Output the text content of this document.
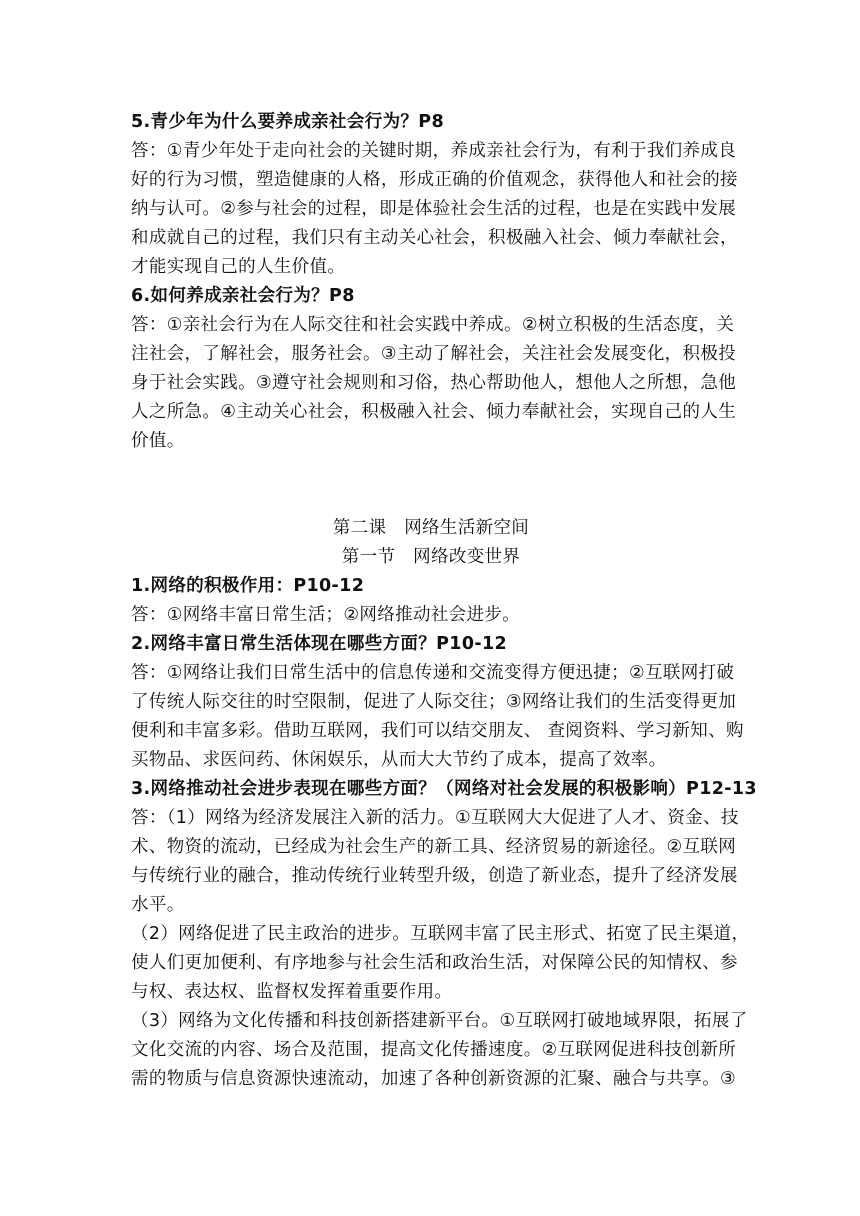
5.青少年为什么要养成亲社会行为？P8
答：①青少年处于走向社会的关键时期，养成亲社会行为，有利于我们养成良
好的行为习惯，塑造健康的人格，形成正确的价值观念，获得他人和社会的接
纳与认可。②参与社会的过程，即是体验社会生活的过程，也是在实践中发展
和成就自己的过程，我们只有主动关心社会，积极融入社会、倾力奉献社会，
才能实现自己的人生价值。
6.如何养成亲社会行为？P8
答：①亲社会行为在人际交往和社会实践中养成。②树立积极的生活态度，关
注社会，了解社会，服务社会。③主动了解社会，关注社会发展变化，积极投
身于社会实践。③遵守社会规则和习俗，热心帮助他人，想他人之所想，急他
人之所急。④主动关心社会，积极融入社会、倾力奉献社会，实现自己的人生
价值。
第二课　网络生活新空间
第一节　网络改变世界
1.网络的积极作用：P10-12
答：①网络丰富日常生活；②网络推动社会进步。
2.网络丰富日常生活体现在哪些方面？P10-12
答：①网络让我们日常生活中的信息传递和交流变得方便迅捷；②互联网打破
了传统人际交往的时空限制，促进了人际交往；③网络让我们的生活变得更加
便利和丰富多彩。借助互联网，我们可以结交朋友、 查阅资料、学习新知、购
买物品、求医问药、休闲娱乐，从而大大节约了成本，提高了效率。
3.网络推动社会进步表现在哪些方面？（网络对社会发展的积极影响）P12-13
答：（1）网络为经济发展注入新的活力。①互联网大大促进了人才、资金、技
术、物资的流动，已经成为社会生产的新工具、经济贸易的新途径。②互联网
与传统行业的融合，推动传统行业转型升级，创造了新业态，提升了经济发展
水平。
（2）网络促进了民主政治的进步。互联网丰富了民主形式、拓宽了民主渠道，
使人们更加便利、有序地参与社会生活和政治生活，对保障公民的知情权、参
与权、表达权、监督权发挥着重要作用。
（3）网络为文化传播和科技创新搭建新平台。①互联网打破地域界限，拓展了
文化交流的内容、场合及范围，提高文化传播速度。②互联网促进科技创新所
需的物质与信息资源快速流动，加速了各种创新资源的汇聚、融合与共享。③
